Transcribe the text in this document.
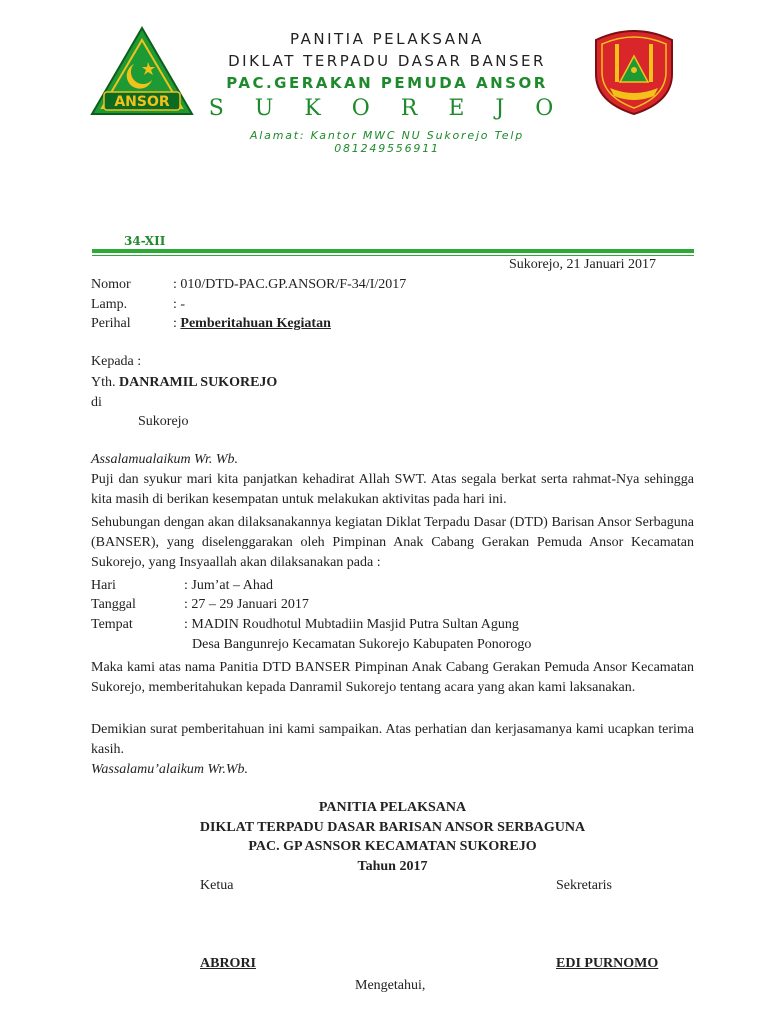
ANSOR
PANITIA PELAKSANA
DIKLAT TERPADU DASAR BANSER
PAC.GERAKAN PEMUDA ANSOR
S U K O R E J O
Alamat: Kantor MWC NU Sukorejo Telp 081249556911
34-XII
Sukorejo, 21 Januari 2017
Nomor	: 010/DTD-PAC.GP.ANSOR/F-34/I/2017
Lamp.	: -
Perihal	: Pemberitahuan Kegiatan
Kepada :
Yth. DANRAMIL SUKOREJO
di
Sukorejo
Assalamualaikum Wr. Wb.
Puji dan syukur mari kita panjatkan kehadirat Allah SWT. Atas segala berkat serta rahmat-Nya sehingga kita masih di berikan kesempatan untuk melakukan aktivitas pada hari ini.
Sehubungan dengan akan dilaksanakannya kegiatan Diklat Terpadu Dasar (DTD) Barisan Ansor Serbaguna (BANSER), yang diselenggarakan oleh Pimpinan Anak Cabang Gerakan Pemuda Ansor Kecamatan Sukorejo, yang Insyaallah akan dilaksanakan pada :
Hari	: Jum’at – Ahad
Tanggal	: 27 – 29 Januari 2017
Tempat	: MADIN Roudhotul Mubtadiin Masjid Putra Sultan Agung
Desa Bangunrejo Kecamatan Sukorejo Kabupaten Ponorogo
Maka kami atas nama Panitia DTD BANSER Pimpinan Anak Cabang Gerakan Pemuda Ansor Kecamatan Sukorejo, memberitahukan kepada Danramil Sukorejo tentang acara yang akan kami laksanakan.
Demikian surat pemberitahuan ini kami sampaikan. Atas perhatian dan kerjasamanya kami ucapkan terima kasih.
Wassalamu’alaikum Wr.Wb.
PANITIA PELAKSANA
DIKLAT TERPADU DASAR BARISAN ANSOR SERBAGUNA
PAC. GP ASNSOR KECAMATAN SUKOREJO
Tahun 2017
Ketua	Sekretaris
ABRORI	EDI PURNOMO
Mengetahui,
